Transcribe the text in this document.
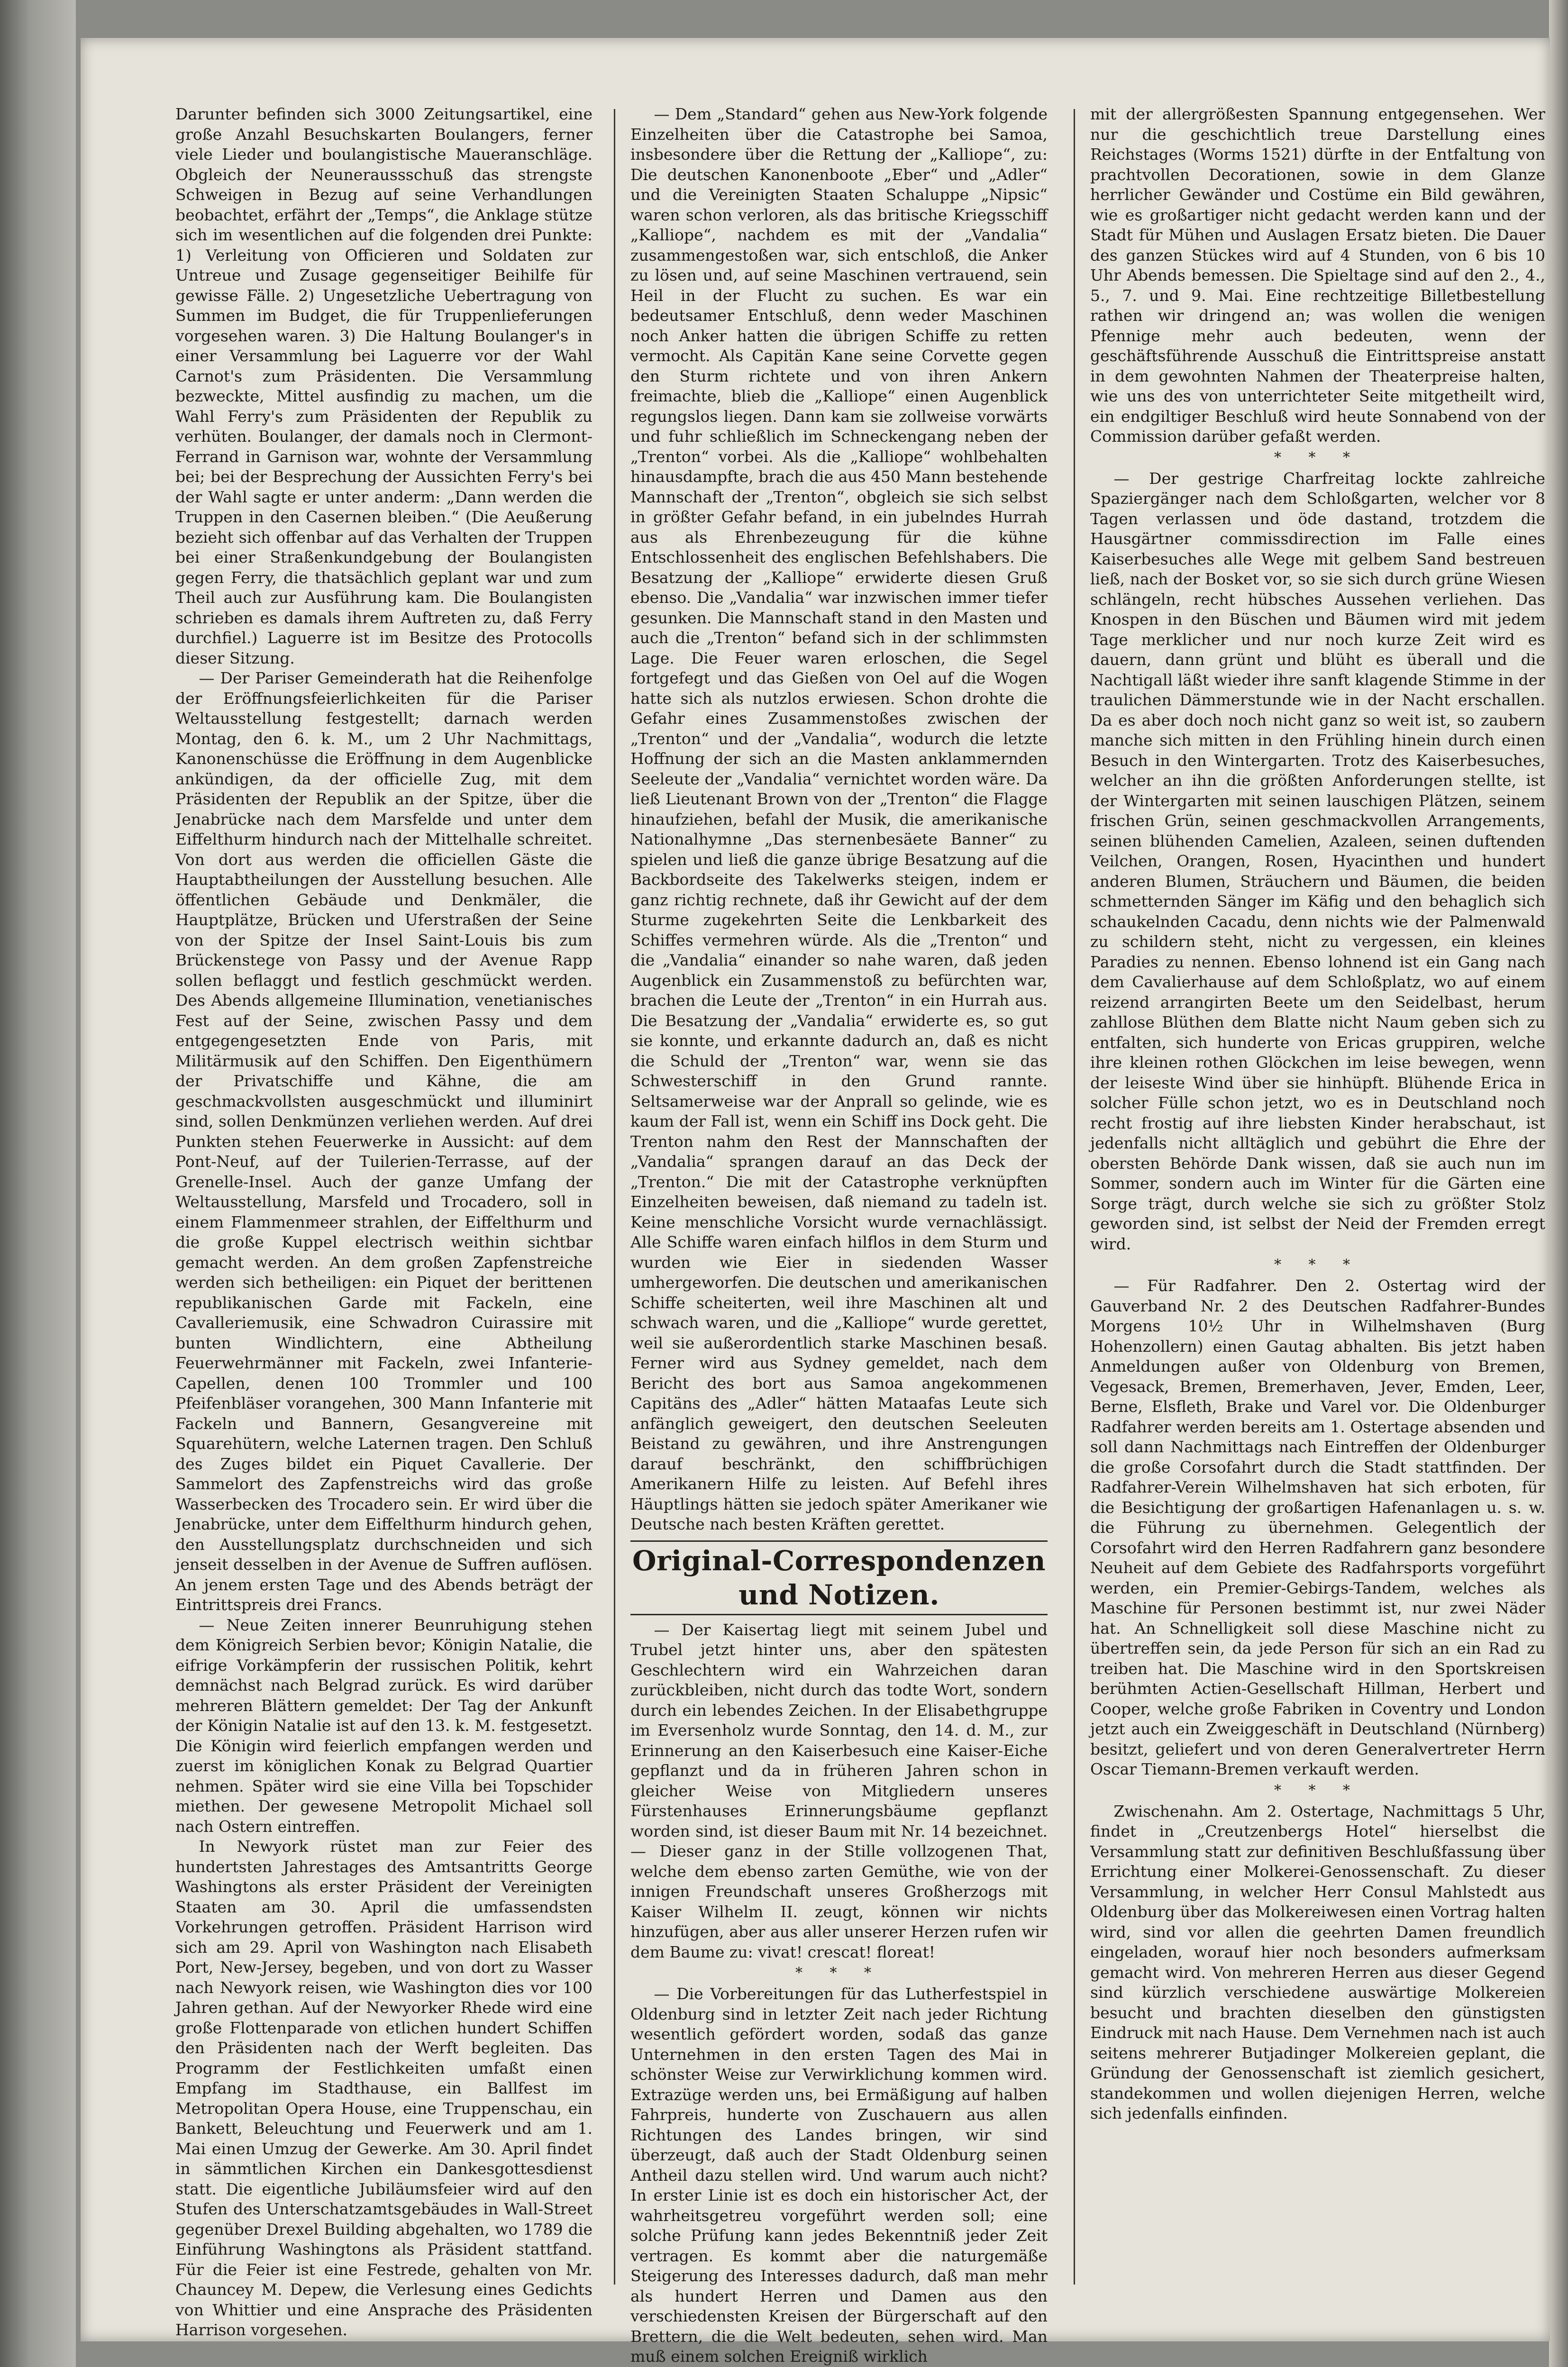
Darunter befinden sich 3000 Zeitungsartikel, eine große Anzahl Besuchskarten Boulangers, ferner viele Lieder und boulangistische Maueranschläge. Obgleich der Neuneraussschuß das strengste Schweigen in Bezug auf seine Verhandlungen beobachtet, erfährt der „Temps“, die Anklage stütze sich im wesentlichen auf die folgenden drei Punkte: 1) Verleitung von Officieren und Soldaten zur Untreue und Zusage gegenseitiger Beihilfe für gewisse Fälle. 2) Ungesetzliche Uebertragung von Summen im Budget, die für Truppenlieferungen vorgesehen waren. 3) Die Haltung Boulanger's in einer Versammlung bei Laguerre vor der Wahl Carnot's zum Präsidenten. Die Versammlung bezweckte, Mittel ausfindig zu machen, um die Wahl Ferry's zum Präsidenten der Republik zu verhüten. Boulanger, der damals noch in Clermont-Ferrand in Garnison war, wohnte der Versammlung bei; bei der Besprechung der Aussichten Ferry's bei der Wahl sagte er unter anderm: „Dann werden die Truppen in den Casernen bleiben.“ (Die Aeußerung bezieht sich offenbar auf das Verhalten der Truppen bei einer Straßenkundgebung der Boulangisten gegen Ferry, die thatsächlich geplant war und zum Theil auch zur Ausführung kam. Die Boulangisten schrieben es damals ihrem Auftreten zu, daß Ferry durchfiel.) Laguerre ist im Besitze des Protocolls dieser Sitzung.

— Der Pariser Gemeinderath hat die Reihenfolge der Eröffnungsfeierlichkeiten für die Pariser Weltausstellung festgestellt; darnach werden Montag, den 6. k. M., um 2 Uhr Nachmittags, Kanonenschüsse die Eröffnung in dem Augenblicke ankündigen, da der officielle Zug, mit dem Präsidenten der Republik an der Spitze, über die Jenabrücke nach dem Marsfelde und unter dem Eiffelthurm hindurch nach der Mittelhalle schreitet. Von dort aus werden die officiellen Gäste die Hauptabtheilungen der Ausstellung besuchen. Alle öffentlichen Gebäude und Denkmäler, die Hauptplätze, Brücken und Uferstraßen der Seine von der Spitze der Insel Saint-Louis bis zum Brückenstege von Passy und der Avenue Rapp sollen beflaggt und festlich geschmückt werden. Des Abends allgemeine Illumination, venetianisches Fest auf der Seine, zwischen Passy und dem entgegengesetzten Ende von Paris, mit Militärmusik auf den Schiffen. Den Eigenthümern der Privatschiffe und Kähne, die am geschmackvollsten ausgeschmückt und illuminirt sind, sollen Denkmünzen verliehen werden. Auf drei Punkten stehen Feuerwerke in Aussicht: auf dem Pont-Neuf, auf der Tuilerien-Terrasse, auf der Grenelle-Insel. Auch der ganze Umfang der Weltausstellung, Marsfeld und Trocadero, soll in einem Flammenmeer strahlen, der Eiffelthurm und die große Kuppel electrisch weithin sichtbar gemacht werden. An dem großen Zapfenstreiche werden sich betheiligen: ein Piquet der berittenen republikanischen Garde mit Fackeln, eine Cavalleriemusik, eine Schwadron Cuirassire mit bunten Windlichtern, eine Abtheilung Feuerwehrmänner mit Fackeln, zwei Infanterie-Capellen, denen 100 Trommler und 100 Pfeifenbläser vorangehen, 300 Mann Infanterie mit Fackeln und Bannern, Gesangvereine mit Squarehütern, welche Laternen tragen. Den Schluß des Zuges bildet ein Piquet Cavallerie. Der Sammelort des Zapfenstreichs wird das große Wasserbecken des Trocadero sein. Er wird über die Jenabrücke, unter dem Eiffelthurm hindurch gehen, den Ausstellungsplatz durchschneiden und sich jenseit desselben in der Avenue de Suffren auflösen. An jenem ersten Tage und des Abends beträgt der Eintrittspreis drei Francs.

— Neue Zeiten innerer Beunruhigung stehen dem Königreich Serbien bevor; Königin Natalie, die eifrige Vorkämpferin der russischen Politik, kehrt demnächst nach Belgrad zurück. Es wird darüber mehreren Blättern gemeldet: Der Tag der Ankunft der Königin Natalie ist auf den 13. k. M. festgesetzt. Die Königin wird feierlich empfangen werden und zuerst im königlichen Konak zu Belgrad Quartier nehmen. Später wird sie eine Villa bei Topschider miethen. Der gewesene Metropolit Michael soll nach Ostern eintreffen.

In Newyork rüstet man zur Feier des hundertsten Jahrestages des Amtsantritts George Washingtons als erster Präsident der Vereinigten Staaten am 30. April die umfassendsten Vorkehrungen getroffen. Präsident Harrison wird sich am 29. April von Washington nach Elisabeth Port, New-Jersey, begeben, und von dort zu Wasser nach Newyork reisen, wie Washington dies vor 100 Jahren gethan. Auf der Newyorker Rhede wird eine große Flottenparade von etlichen hundert Schiffen den Präsidenten nach der Werft begleiten. Das Programm der Festlichkeiten umfaßt einen Empfang im Stadthause, ein Ballfest im Metropolitan Opera House, eine Truppenschau, ein Bankett, Beleuchtung und Feuerwerk und am 1. Mai einen Umzug der Gewerke. Am 30. April findet in sämmtlichen Kirchen ein Dankesgottesdienst statt. Die eigentliche Jubiläumsfeier wird auf den Stufen des Unterschatzamtsgebäudes in Wall-Street gegenüber Drexel Building abgehalten, wo 1789 die Einführung Washingtons als Präsident stattfand. Für die Feier ist eine Festrede, gehalten von Mr. Chauncey M. Depew, die Verlesung eines Gedichts von Whittier und eine Ansprache des Präsidenten Harrison vorgesehen.

— Dem „Standard“ gehen aus New-York folgende Einzelheiten über die Catastrophe bei Samoa, insbesondere über die Rettung der „Kalliope“, zu: Die deutschen Kanonenboote „Eber“ und „Adler“ und die Vereinigten Staaten Schaluppe „Nipsic“ waren schon verloren, als das britische Kriegsschiff „Kalliope“, nachdem es mit der „Vandalia“ zusammengestoßen war, sich entschloß, die Anker zu lösen und, auf seine Maschinen vertrauend, sein Heil in der Flucht zu suchen. Es war ein bedeutsamer Entschluß, denn weder Maschinen noch Anker hatten die übrigen Schiffe zu retten vermocht. Als Capitän Kane seine Corvette gegen den Sturm richtete und von ihren Ankern freimachte, blieb die „Kalliope“ einen Augenblick regungslos liegen. Dann kam sie zollweise vorwärts und fuhr schließlich im Schneckengang neben der „Trenton“ vorbei. Als die „Kalliope“ wohlbehalten hinausdampfte, brach die aus 450 Mann bestehende Mannschaft der „Trenton“, obgleich sie sich selbst in größter Gefahr befand, in ein jubelndes Hurrah aus als Ehrenbezeugung für die kühne Entschlossenheit des englischen Befehlshabers. Die Besatzung der „Kalliope“ erwiderte diesen Gruß ebenso. Die „Vandalia“ war inzwischen immer tiefer gesunken. Die Mannschaft stand in den Masten und auch die „Trenton“ befand sich in der schlimmsten Lage. Die Feuer waren erloschen, die Segel fortgefegt und das Gießen von Oel auf die Wogen hatte sich als nutzlos erwiesen. Schon drohte die Gefahr eines Zusammenstoßes zwischen der „Trenton“ und der „Vandalia“, wodurch die letzte Hoffnung der sich an die Masten anklammernden Seeleute der „Vandalia“ vernichtet worden wäre. Da ließ Lieutenant Brown von der „Trenton“ die Flagge hinaufziehen, befahl der Musik, die amerikanische Nationalhymne „Das sternenbesäete Banner“ zu spielen und ließ die ganze übrige Besatzung auf die Backbordseite des Takelwerks steigen, indem er ganz richtig rechnete, daß ihr Gewicht auf der dem Sturme zugekehrten Seite die Lenkbarkeit des Schiffes vermehren würde. Als die „Trenton“ und die „Vandalia“ einander so nahe waren, daß jeden Augenblick ein Zusammenstoß zu befürchten war, brachen die Leute der „Trenton“ in ein Hurrah aus. Die Besatzung der „Vandalia“ erwiderte es, so gut sie konnte, und erkannte dadurch an, daß es nicht die Schuld der „Trenton“ war, wenn sie das Schwesterschiff in den Grund rannte. Seltsamerweise war der Anprall so gelinde, wie es kaum der Fall ist, wenn ein Schiff ins Dock geht. Die Trenton nahm den Rest der Mannschaften der „Vandalia“ sprangen darauf an das Deck der „Trenton.“ Die mit der Catastrophe verknüpften Einzelheiten beweisen, daß niemand zu tadeln ist. Keine menschliche Vorsicht wurde vernachlässigt. Alle Schiffe waren einfach hilflos in dem Sturm und wurden wie Eier in siedenden Wasser umhergeworfen. Die deutschen und amerikanischen Schiffe scheiterten, weil ihre Maschinen alt und schwach waren, und die „Kalliope“ wurde gerettet, weil sie außerordentlich starke Maschinen besaß. Ferner wird aus Sydney gemeldet, nach dem Bericht des bort aus Samoa angekommenen Capitäns des „Adler“ hätten Mataafas Leute sich anfänglich geweigert, den deutschen Seeleuten Beistand zu gewähren, und ihre Anstrengungen darauf beschränkt, den schiffbrüchigen Amerikanern Hilfe zu leisten. Auf Befehl ihres Häuptlings hätten sie jedoch später Amerikaner wie Deutsche nach besten Kräften gerettet.

Original-Correspondenzen und Notizen.

— Der Kaisertag liegt mit seinem Jubel und Trubel jetzt hinter uns, aber den spätesten Geschlechtern wird ein Wahrzeichen daran zurückbleiben, nicht durch das todte Wort, sondern durch ein lebendes Zeichen. In der Elisabethgruppe im Eversenholz wurde Sonntag, den 14. d. M., zur Erinnerung an den Kaiserbesuch eine Kaiser-Eiche gepflanzt und da in früheren Jahren schon in gleicher Weise von Mitgliedern unseres Fürstenhauses Erinnerungsbäume gepflanzt worden sind, ist dieser Baum mit Nr. 14 bezeichnet. — Dieser ganz in der Stille vollzogenen That, welche dem ebenso zarten Gemüthe, wie von der innigen Freundschaft unseres Großherzogs mit Kaiser Wilhelm II. zeugt, können wir nichts hinzufügen, aber aus aller unserer Herzen rufen wir dem Baume zu: vivat! crescat! floreat!

* * *

— Die Vorbereitungen für das Lutherfestspiel in Oldenburg sind in letzter Zeit nach jeder Richtung wesentlich gefördert worden, sodaß das ganze Unternehmen in den ersten Tagen des Mai in schönster Weise zur Verwirklichung kommen wird. Extrazüge werden uns, bei Ermäßigung auf halben Fahrpreis, hunderte von Zuschauern aus allen Richtungen des Landes bringen, wir sind überzeugt, daß auch der Stadt Oldenburg seinen Antheil dazu stellen wird. Und warum auch nicht? In erster Linie ist es doch ein historischer Act, der wahrheitsgetreu vorgeführt werden soll; eine solche Prüfung kann jedes Bekenntniß jeder Zeit vertragen. Es kommt aber die naturgemäße Steigerung des Interesses dadurch, daß man mehr als hundert Herren und Damen aus den verschiedensten Kreisen der Bürgerschaft auf den Brettern, die die Welt bedeuten, sehen wird. Man muß einem solchen Ereigniß wirklich

mit der allergrößesten Spannung entgegensehen. Wer nur die geschichtlich treue Darstellung eines Reichstages (Worms 1521) dürfte in der Entfaltung von prachtvollen Decorationen, sowie in dem Glanze herrlicher Gewänder und Costüme ein Bild gewähren, wie es großartiger nicht gedacht werden kann und der Stadt für Mühen und Auslagen Ersatz bieten. Die Dauer des ganzen Stückes wird auf 4 Stunden, von 6 bis 10 Uhr Abends bemessen. Die Spieltage sind auf den 2., 4., 5., 7. und 9. Mai. Eine rechtzeitige Billetbestellung rathen wir dringend an; was wollen die wenigen Pfennige mehr auch bedeuten, wenn der geschäftsführende Ausschuß die Eintrittspreise anstatt in dem gewohnten Nahmen der Theaterpreise halten, wie uns des von unterrichteter Seite mitgetheilt wird, ein endgiltiger Beschluß wird heute Sonnabend von der Commission darüber gefaßt werden.

* * *

— Der gestrige Charfreitag lockte zahlreiche Spaziergänger nach dem Schloßgarten, welcher vor 8 Tagen verlassen und öde dastand, trotzdem die Hausgärtner commissdirection im Falle eines Kaiserbesuches alle Wege mit gelbem Sand bestreuen ließ, nach der Bosket vor, so sie sich durch grüne Wiesen schlängeln, recht hübsches Aussehen verliehen. Das Knospen in den Büschen und Bäumen wird mit jedem Tage merklicher und nur noch kurze Zeit wird es dauern, dann grünt und blüht es überall und die Nachtigall läßt wieder ihre sanft klagende Stimme in der traulichen Dämmerstunde wie in der Nacht erschallen. Da es aber doch noch nicht ganz so weit ist, so zaubern manche sich mitten in den Frühling hinein durch einen Besuch in den Wintergarten. Trotz des Kaiserbesuches, welcher an ihn die größten Anforderungen stellte, ist der Wintergarten mit seinen lauschigen Plätzen, seinem frischen Grün, seinen geschmackvollen Arrangements, seinen blühenden Camelien, Azaleen, seinen duftenden Veilchen, Orangen, Rosen, Hyacinthen und hundert anderen Blumen, Sträuchern und Bäumen, die beiden schmetternden Sänger im Käfig und den behaglich sich schaukelnden Cacadu, denn nichts wie der Palmenwald zu schildern steht, nicht zu vergessen, ein kleines Paradies zu nennen. Ebenso lohnend ist ein Gang nach dem Cavalierhause auf dem Schloßplatz, wo auf einem reizend arrangirten Beete um den Seidelbast, herum zahllose Blüthen dem Blatte nicht Naum geben sich zu entfalten, sich hunderte von Ericas gruppiren, welche ihre kleinen rothen Glöckchen im leise bewegen, wenn der leiseste Wind über sie hinhüpft. Blühende Erica in solcher Fülle schon jetzt, wo es in Deutschland noch recht frostig auf ihre liebsten Kinder herabschaut, ist jedenfalls nicht alltäglich und gebührt die Ehre der obersten Behörde Dank wissen, daß sie auch nun im Sommer, sondern auch im Winter für die Gärten eine Sorge trägt, durch welche sie sich zu größter Stolz geworden sind, ist selbst der Neid der Fremden erregt wird.

* * *

— Für Radfahrer. Den 2. Ostertag wird der Gauverband Nr. 2 des Deutschen Radfahrer-Bundes Morgens 10½ Uhr in Wilhelmshaven (Burg Hohenzollern) einen Gautag abhalten. Bis jetzt haben Anmeldungen außer von Oldenburg von Bremen, Vegesack, Bremen, Bremerhaven, Jever, Emden, Leer, Berne, Elsfleth, Brake und Varel vor. Die Oldenburger Radfahrer werden bereits am 1. Ostertage absenden und soll dann Nachmittags nach Eintreffen der Oldenburger die große Corsofahrt durch die Stadt stattfinden. Der Radfahrer-Verein Wilhelmshaven hat sich erboten, für die Besichtigung der großartigen Hafenanlagen u. s. w. die Führung zu übernehmen. Gelegentlich der Corsofahrt wird den Herren Radfahrern ganz besondere Neuheit auf dem Gebiete des Radfahrsports vorgeführt werden, ein Premier-Gebirgs-Tandem, welches als Maschine für Personen bestimmt ist, nur zwei Näder hat. An Schnelligkeit soll diese Maschine nicht zu übertreffen sein, da jede Person für sich an ein Rad zu treiben hat. Die Maschine wird in den Sportskreisen berühmten Actien-Gesellschaft Hillman, Herbert und Cooper, welche große Fabriken in Coventry und London jetzt auch ein Zweiggeschäft in Deutschland (Nürnberg) besitzt, geliefert und von deren Generalvertreter Herrn Oscar Tiemann-Bremen verkauft werden.

* * *

Zwischenahn. Am 2. Ostertage, Nachmittags 5 Uhr, findet in „Creutzenbergs Hotel“ hierselbst die Versammlung statt zur definitiven Beschlußfassung über Errichtung einer Molkerei-Genossenschaft. Zu dieser Versammlung, in welcher Herr Consul Mahlstedt aus Oldenburg über das Molkereiwesen einen Vortrag halten wird, sind vor allen die geehrten Damen freundlich eingeladen, worauf hier noch besonders aufmerksam gemacht wird. Von mehreren Herren aus dieser Gegend sind kürzlich verschiedene auswärtige Molkereien besucht und brachten dieselben den günstigsten Eindruck mit nach Hause. Dem Vernehmen nach ist auch seitens mehrerer Butjadinger Molkereien geplant, die Gründung der Genossenschaft ist ziemlich gesichert, standekommen und wollen diejenigen Herren, welche sich jedenfalls einfinden.
